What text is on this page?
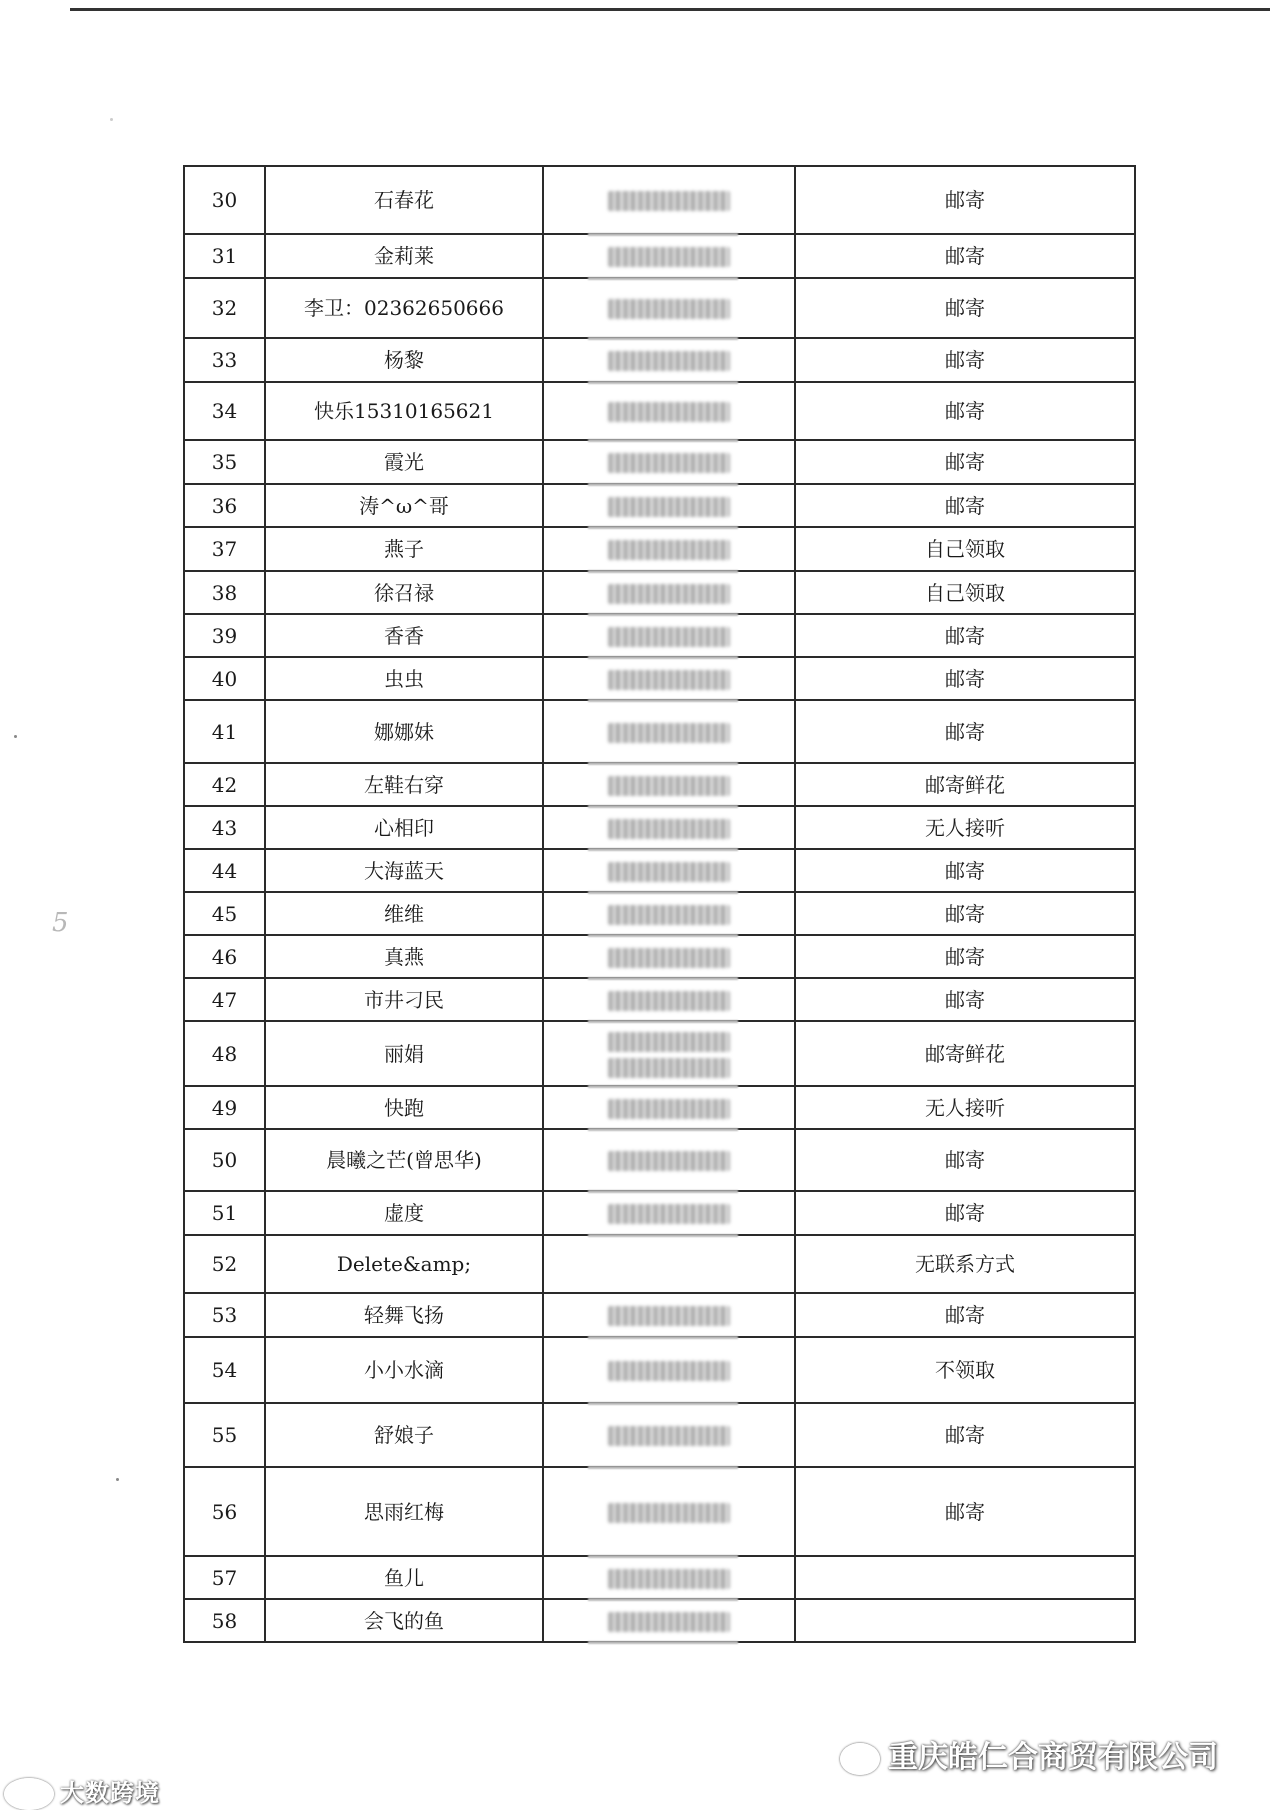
5
30	石春花		邮寄
31	金莉莱		邮寄
32	李卫：02362650666		邮寄
33	杨黎		邮寄
34	快乐15310165621		邮寄
35	霞光		邮寄
36	涛^ω^哥		邮寄
37	燕子		自己领取
38	徐召禄		自己领取
39	香香		邮寄
40	虫虫		邮寄
41	娜娜妹		邮寄
42	左鞋右穿		邮寄鲜花
43	心相印		无人接听
44	大海蓝天		邮寄
45	维维		邮寄
46	真燕		邮寄
47	市井刁民		邮寄
48	丽娟		邮寄鲜花
49	快跑		无人接听
50	晨曦之芒(曾思华)		邮寄
51	虚度		邮寄
52	Delete&amp;		无联系方式
53	轻舞飞扬		邮寄
54	小小水滴		不领取
55	舒娘子		邮寄
56	思雨红梅		邮寄
57	鱼儿	

58	会飞的鱼	

重庆皓仁合商贸有限公司
大数跨境
